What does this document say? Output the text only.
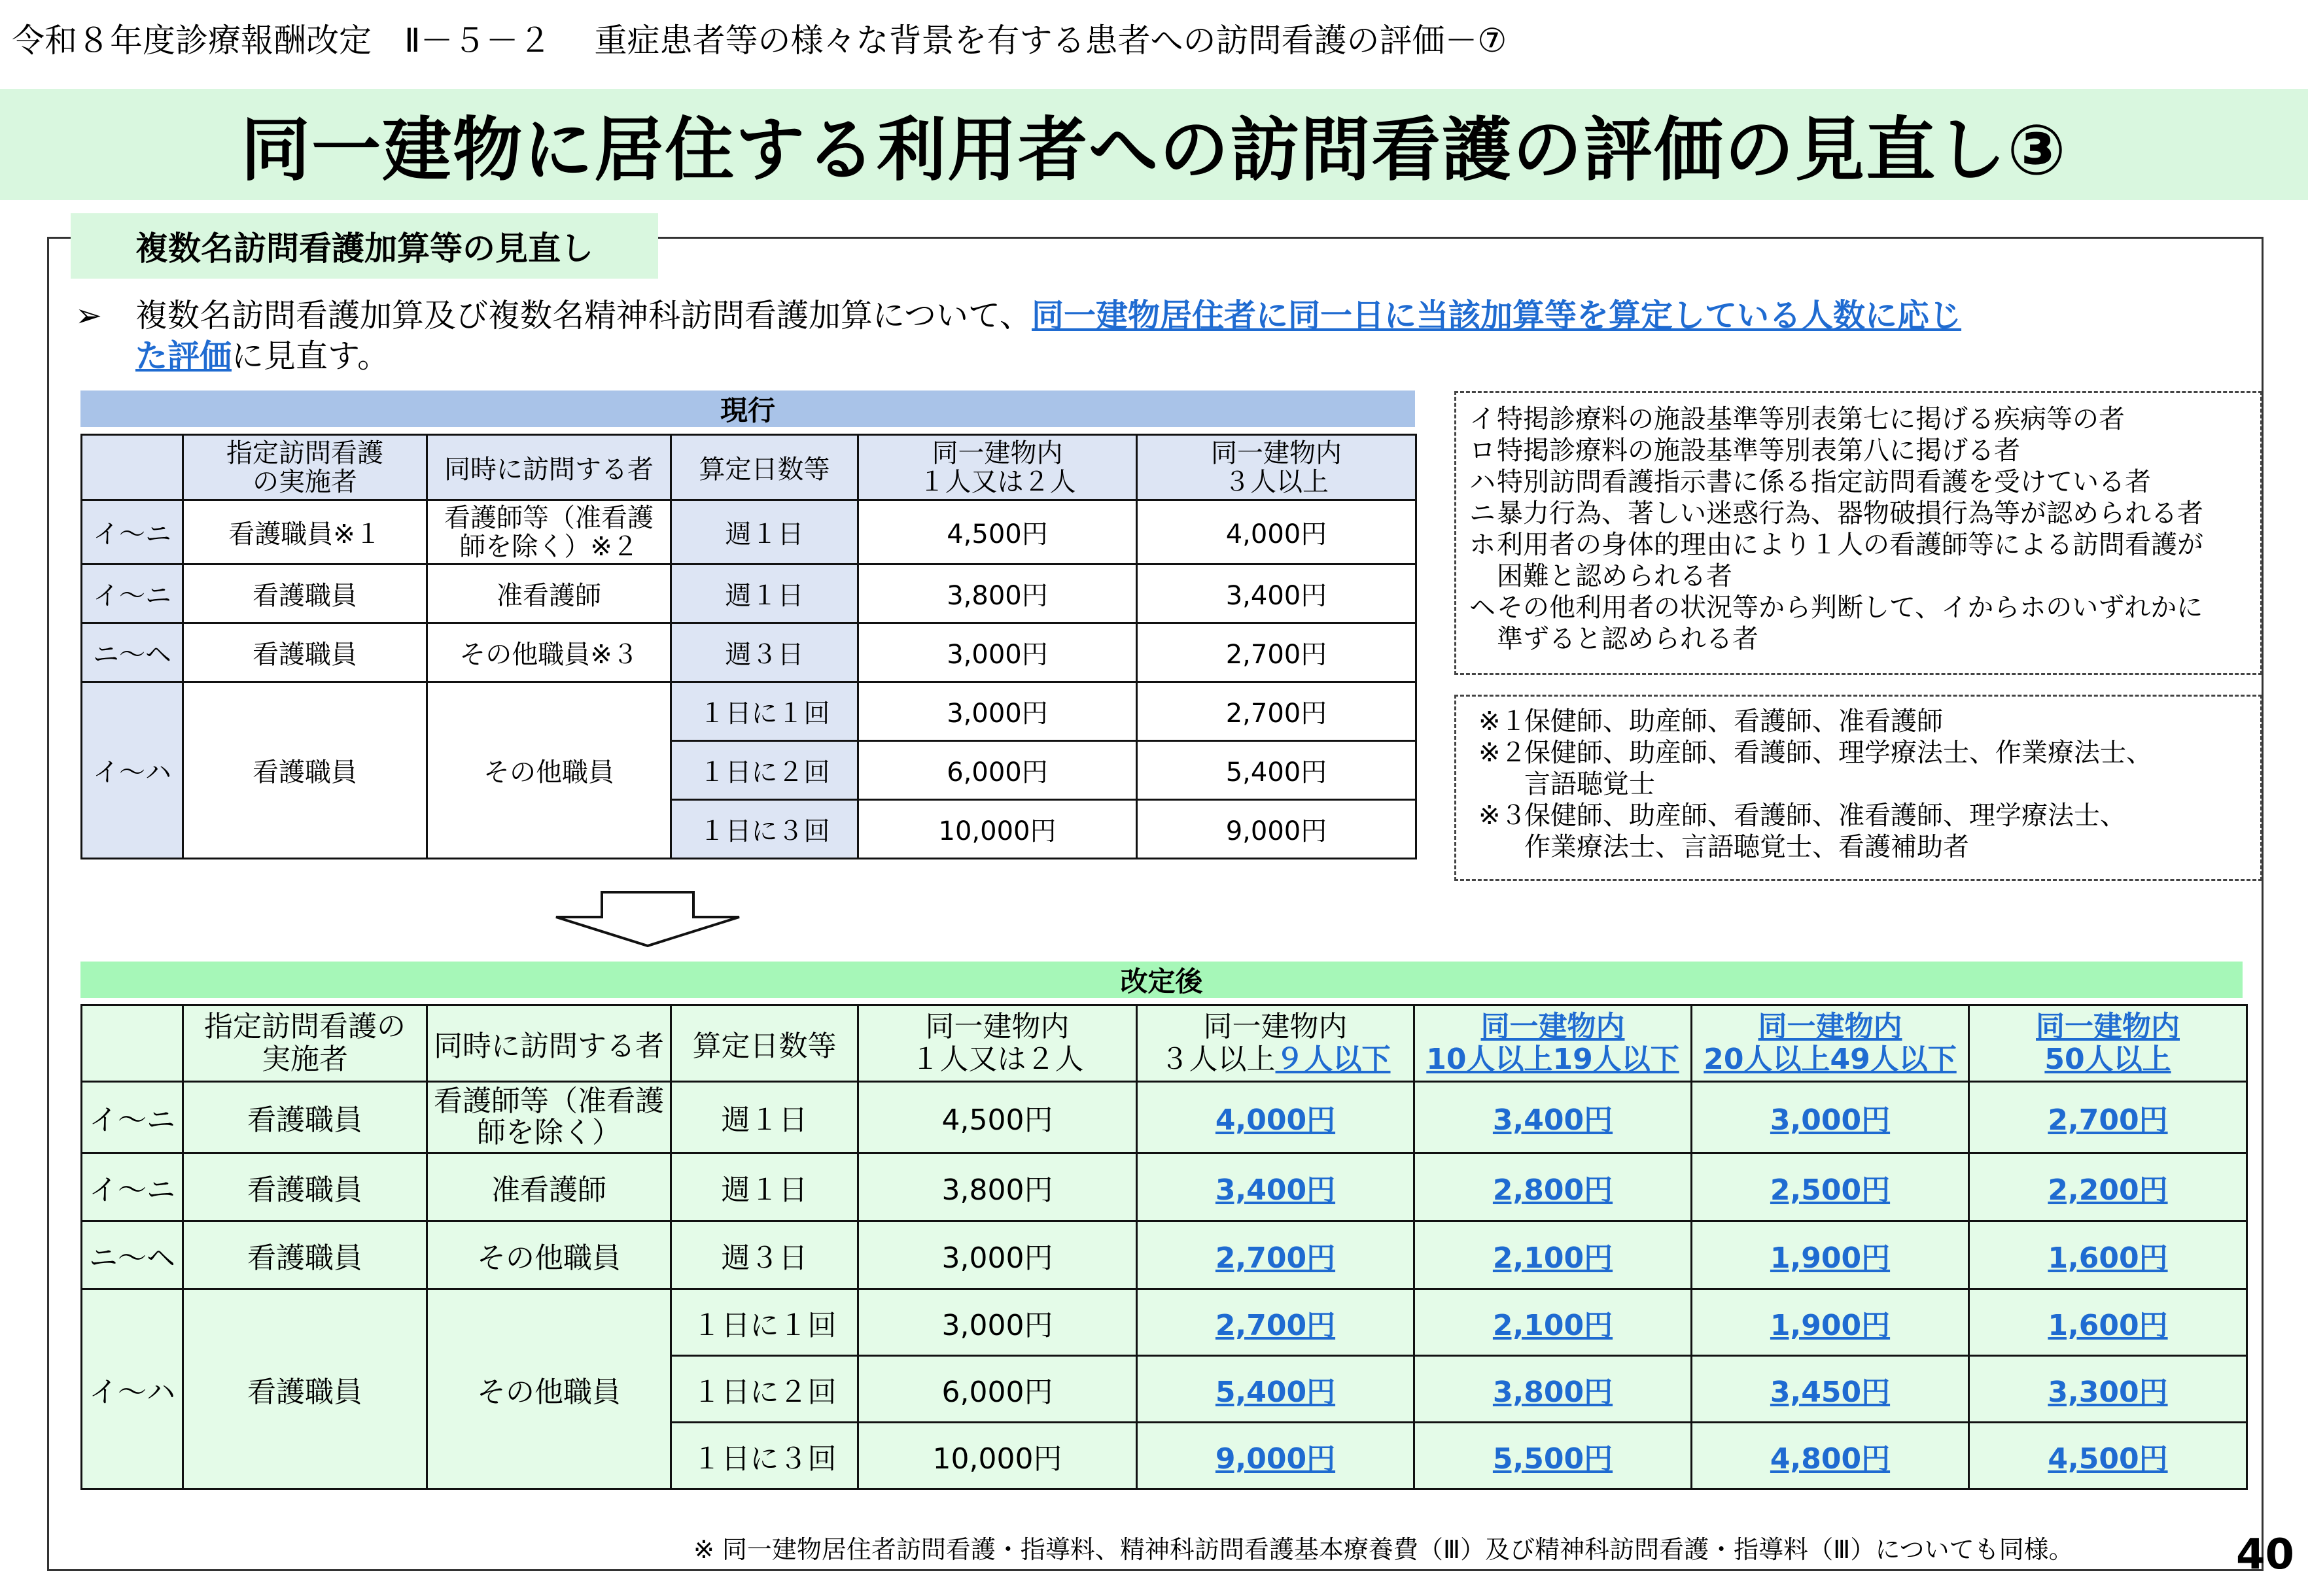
令和８年度診療報酬改定　Ⅱ－５－２　 重症患者等の様々な背景を有する患者への訪問看護の評価－⑦
同一建物に居住する利用者への訪問看護の評価の見直し③
複数名訪問看護加算等の見直し
➢ 複数名訪問看護加算及び複数名精神科訪問看護加算について、同一建物居住者に同一日に当該加算等を算定している人数に応じ
た評価に見直す。
現行
	指定訪問看護
の実施者	同時に訪問する者	算定日数等	同一建物内
１人又は２人	同一建物内
３人以上
イ～ニ	看護職員※１	看護師等（准看護
師を除く）※２	週１日	4,500円	4,000円
イ～ニ	看護職員	准看護師	週１日	3,800円	3,400円
ニ～ヘ	看護職員	その他職員※３	週３日	3,000円	2,700円
イ～ハ	看護職員	その他職員	１日に１回	3,000円	2,700円
			１日に２回	6,000円	5,400円
			１日に３回	10,000円	9,000円
改定後
	指定訪問看護の
実施者	同時に訪問する者	算定日数等	同一建物内
１人又は２人	同一建物内
３人以上９人以下	同一建物内
10人以上19人以下	同一建物内
20人以上49人以下	同一建物内
50人以上
イ～ニ	看護職員	看護師等（准看護
師を除く）	週１日	4,500円	4,000円	3,400円	3,000円	2,700円
イ～ニ	看護職員	准看護師	週１日	3,800円	3,400円	2,800円	2,500円	2,200円
ニ～ヘ	看護職員	その他職員	週３日	3,000円	2,700円	2,100円	1,900円	1,600円
イ～ハ	看護職員	その他職員	１日に１回	3,000円	2,700円	2,100円	1,900円	1,600円
			１日に２回	6,000円	5,400円	3,800円	3,450円	3,300円
			１日に３回	10,000円	9,000円	5,500円	4,800円	4,500円
イ 特掲診療料の施設基準等別表第七に掲げる疾病等の者
ロ 特掲診療料の施設基準等別表第八に掲げる者
ハ 特別訪問看護指示書に係る指定訪問看護を受けている者
ニ 暴力行為、著しい迷惑行為、器物破損行為等が認められる者
ホ 利用者の身体的理由により１人の看護師等による訪問看護が
困難と認められる者
ヘ その他利用者の状況等から判断して、イからホのいずれかに
準ずると認められる者
※１
保健師、助産師、看護師、准看護師
※２
保健師、助産師、看護師、理学療法士、作業療法士、
言語聴覚士
※３
保健師、助産師、看護師、准看護師、理学療法士、
作業療法士、言語聴覚士、看護補助者
※ 同一建物居住者訪問看護・指導料、精神科訪問看護基本療養費（Ⅲ）及び精神科訪問看護・指導料（Ⅲ）についても同様。	40
